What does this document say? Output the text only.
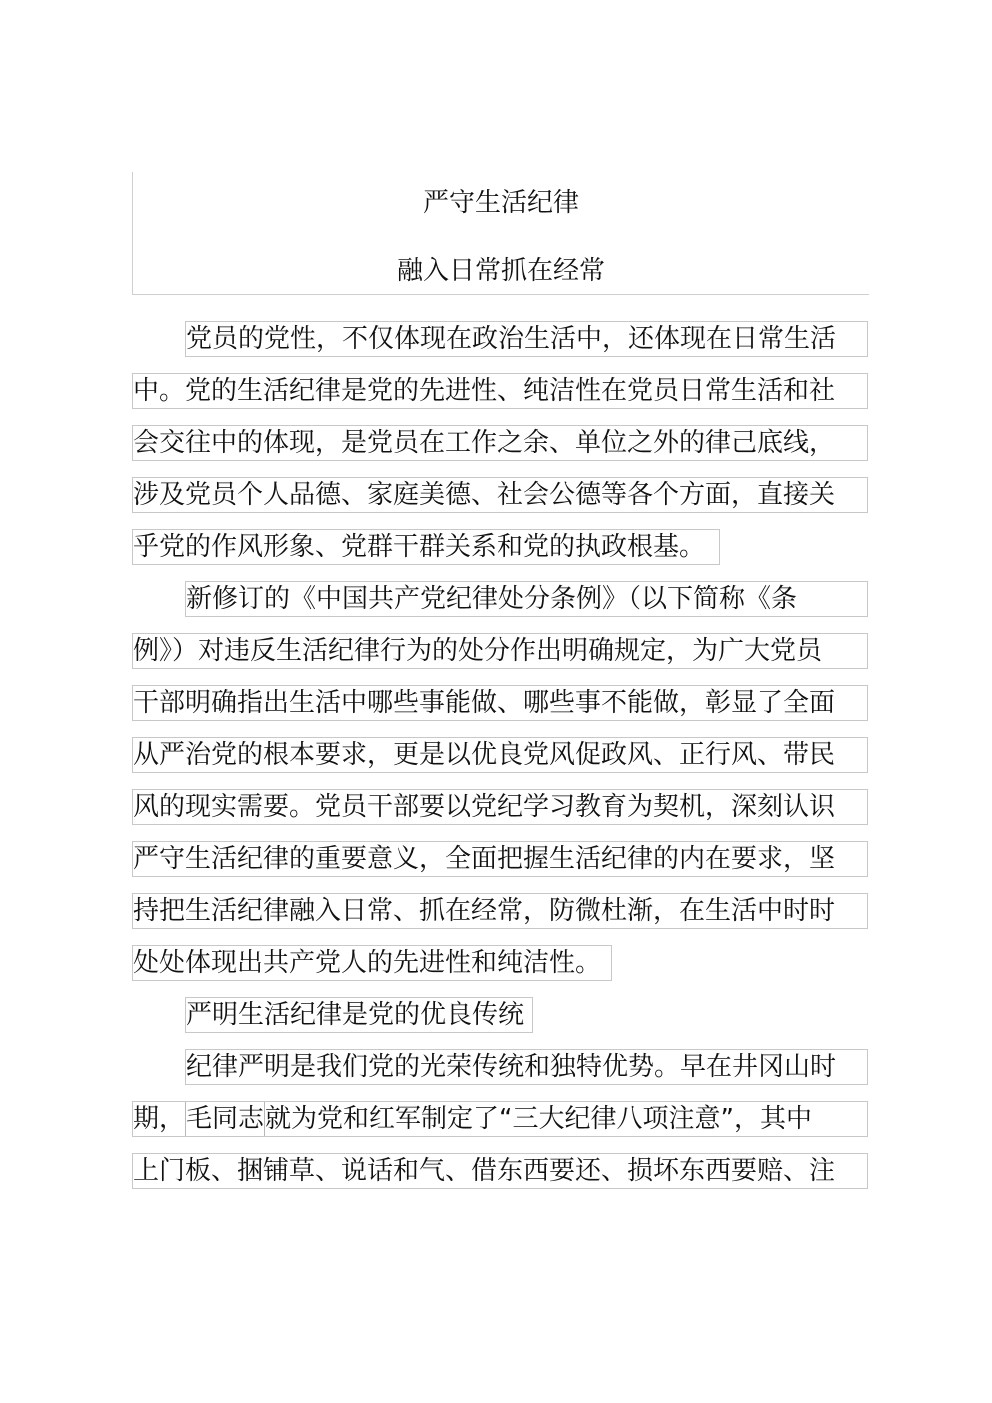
严守生活纪律
融入日常抓在经常
党员的党性，不仅体现在政治生活中，还体现在日常生活
中。党的生活纪律是党的先进性、纯洁性在党员日常生活和社
会交往中的体现，是党员在工作之余、单位之外的律己底线，
涉及党员个人品德、家庭美德、社会公德等各个方面，直接关
乎党的作风形象、党群干群关系和党的执政根基。
新修订的《中国共产党纪律处分条例》（以下简称《条
例》）对违反生活纪律行为的处分作出明确规定，为广大党员
干部明确指出生活中哪些事能做、哪些事不能做，彰显了全面
从严治党的根本要求，更是以优良党风促政风、正行风、带民
风的现实需要。党员干部要以党纪学习教育为契机，深刻认识
严守生活纪律的重要意义，全面把握生活纪律的内在要求，坚
持把生活纪律融入日常、抓在经常，防微杜渐，在生活中时时
处处体现出共产党人的先进性和纯洁性。
严明生活纪律是党的优良传统
纪律严明是我们党的光荣传统和独特优势。早在井冈山时
期，毛同志就为党和红军制定了“三大纪律八项注意”，其中
上门板、捆铺草、说话和气、借东西要还、损坏东西要赔、注
